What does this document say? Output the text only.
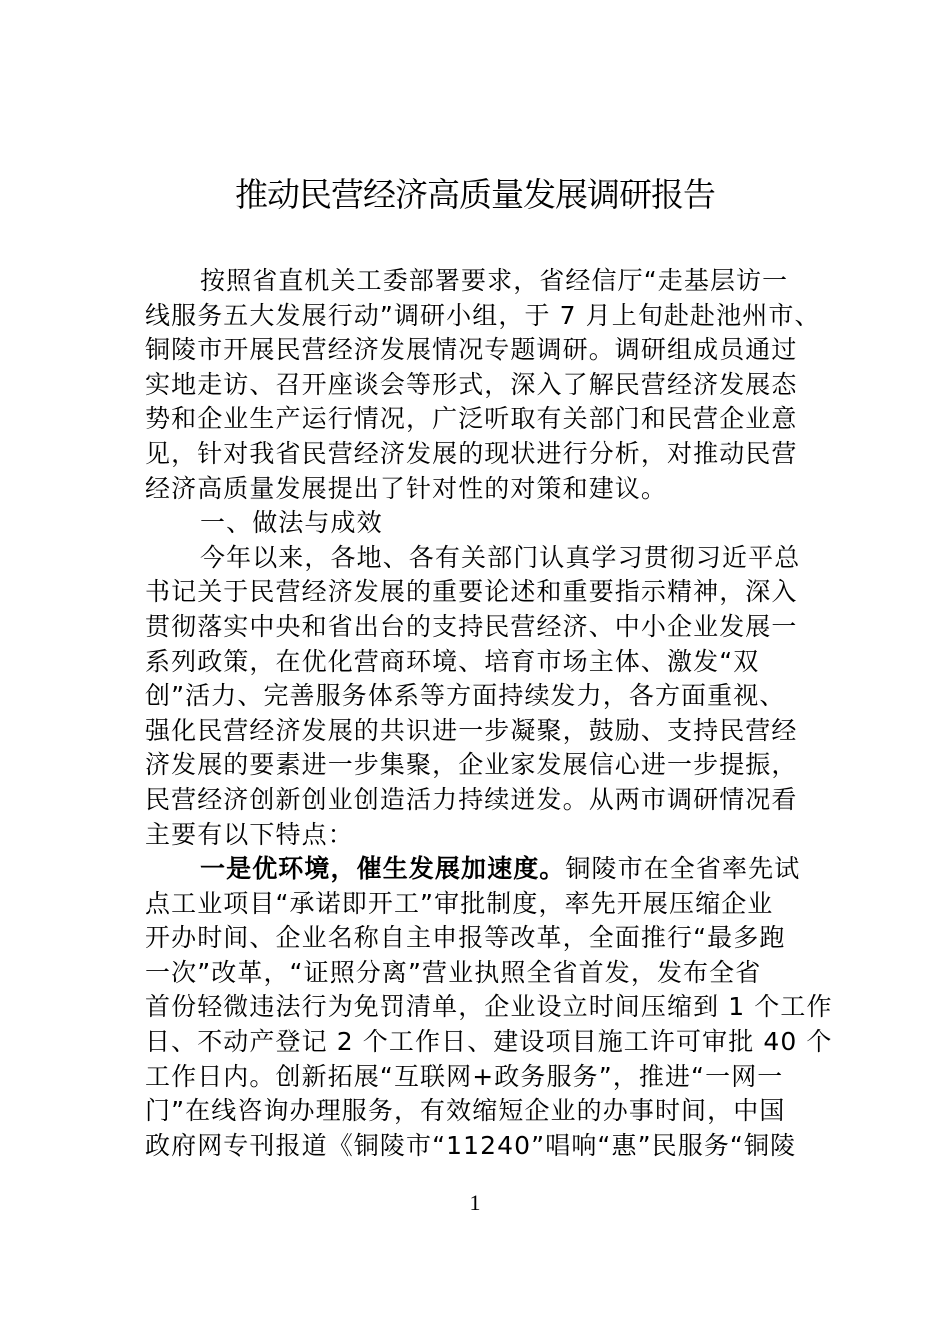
推动民营经济高质量发展调研报告
按照省直机关工委部署要求，省经信厅“走基层访一
线服务五大发展行动”调研小组，于 7 月上旬赴赴池州市、
铜陵市开展民营经济发展情况专题调研。调研组成员通过
实地走访、召开座谈会等形式，深入了解民营经济发展态
势和企业生产运行情况，广泛听取有关部门和民营企业意
见，针对我省民营经济发展的现状进行分析，对推动民营
经济高质量发展提出了针对性的对策和建议。
一、做法与成效
今年以来，各地、各有关部门认真学习贯彻习近平总
书记关于民营经济发展的重要论述和重要指示精神，深入
贯彻落实中央和省出台的支持民营经济、中小企业发展一
系列政策，在优化营商环境、培育市场主体、激发“双
创”活力、完善服务体系等方面持续发力，各方面重视、
强化民营经济发展的共识进一步凝聚，鼓励、支持民营经
济发展的要素进一步集聚，企业家发展信心进一步提振，
民营经济创新创业创造活力持续迸发。从两市调研情况看
主要有以下特点：
一是优环境，催生发展加速度。铜陵市在全省率先试
点工业项目“承诺即开工”审批制度，率先开展压缩企业
开办时间、企业名称自主申报等改革，全面推行“最多跑
一次”改革，“证照分离”营业执照全省首发，发布全省
首份轻微违法行为免罚清单，企业设立时间压缩到 1 个工作
日、不动产登记 2 个工作日、建设项目施工许可审批 40 个
工作日内。创新拓展“互联网+政务服务”，推进“一网一
门”在线咨询办理服务，有效缩短企业的办事时间，中国
政府网专刊报道《铜陵市“11240”唱响“惠”民服务“铜陵
1
